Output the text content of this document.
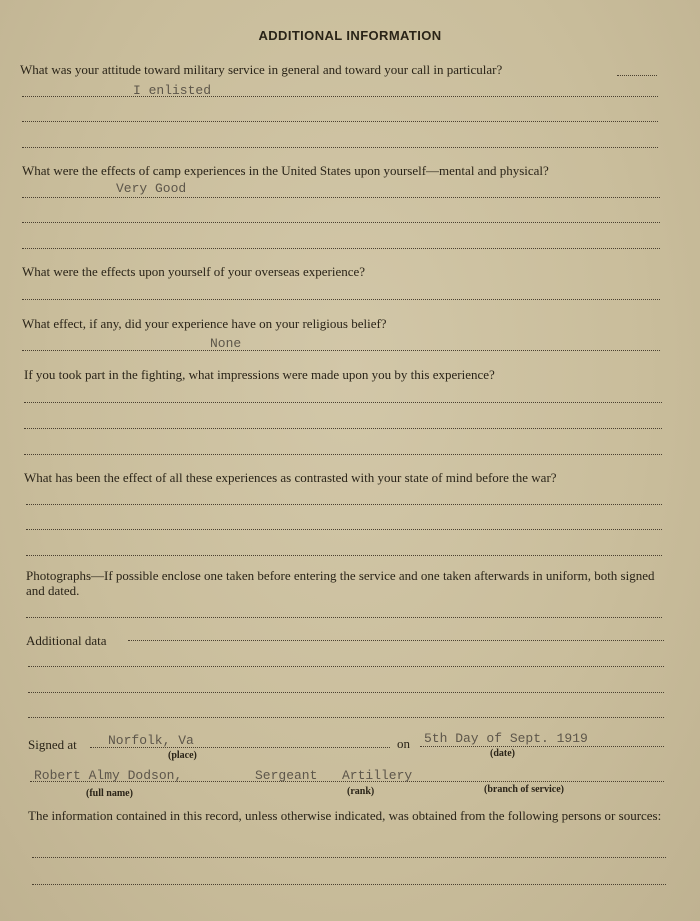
ADDITIONAL INFORMATION
What was your attitude toward military service in general and toward your call in particular?
I enlisted
What were the effects of camp experiences in the United States upon yourself—mental and physical?
Very Good
What were the effects upon yourself of your overseas experience?
What effect, if any, did your experience have on your religious belief?
None
If you took part in the fighting, what impressions were made upon you by this experience?
What has been the effect of all these experiences as contrasted with your state of mind before the war?
Photographs—If possible enclose one taken before entering the service and one taken afterwards in uniform, both signed and dated.
Additional data
Signed at Norfolk, Va
(place)
on 5th Day of Sept. 1919
(date)
Robert Almy Dodson,	Sergeant Artillery
(full name)	(rank)	(branch of service)
The information contained in this record, unless otherwise indicated, was obtained from the following persons or sources:
